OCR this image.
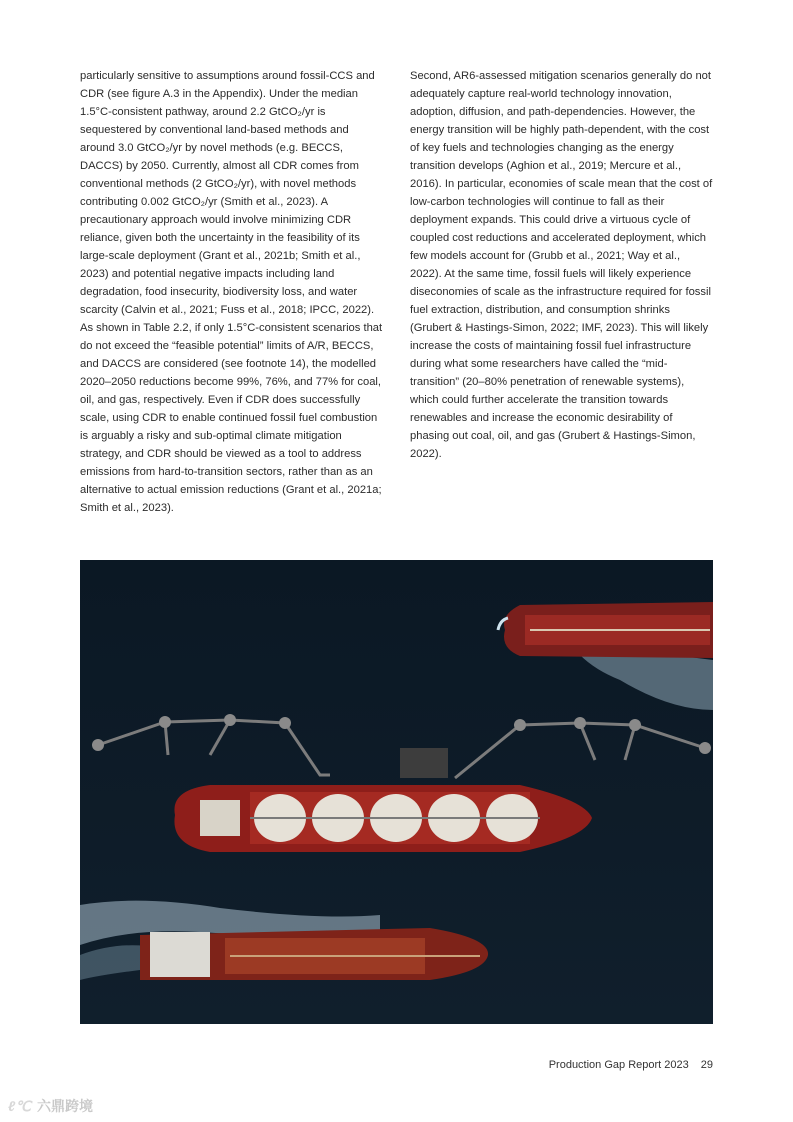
particularly sensitive to assumptions around fossil-CCS and CDR (see figure A.3 in the Appendix). Under the median 1.5°C-consistent pathway, around 2.2 GtCO₂/yr is sequestered by conventional land-based methods and around 3.0 GtCO₂/yr by novel methods (e.g. BECCS, DACCS) by 2050. Currently, almost all CDR comes from conventional methods (2 GtCO₂/yr), with novel methods contributing 0.002 GtCO₂/yr (Smith et al., 2023). A precautionary approach would involve minimizing CDR reliance, given both the uncertainty in the feasibility of its large-scale deployment (Grant et al., 2021b; Smith et al., 2023) and potential negative impacts including land degradation, food insecurity, biodiversity loss, and water scarcity (Calvin et al., 2021; Fuss et al., 2018; IPCC, 2022). As shown in Table 2.2, if only 1.5°C-consistent scenarios that do not exceed the “feasible potential” limits of A/R, BECCS, and DACCS are considered (see footnote 14), the modelled 2020–2050 reductions become 99%, 76%, and 77% for coal, oil, and gas, respectively. Even if CDR does successfully scale, using CDR to enable continued fossil fuel combustion is arguably a risky and sub-optimal climate mitigation strategy, and CDR should be viewed as a tool to address emissions from hard-to-transition sectors, rather than as an alternative to actual emission reductions (Grant et al., 2021a; Smith et al., 2023).

Second, AR6-assessed mitigation scenarios generally do not adequately capture real-world technology innovation, adoption, diffusion, and path-dependencies. However, the energy transition will be highly path-dependent, with the cost of key fuels and technologies changing as the energy transition develops (Aghion et al., 2019; Mercure et al., 2016). In particular, economies of scale mean that the cost of low-carbon technologies will continue to fall as their deployment expands. This could drive a virtuous cycle of coupled cost reductions and accelerated deployment, which few models account for (Grubb et al., 2021; Way et al., 2022). At the same time, fossil fuels will likely experience diseconomies of scale as the infrastructure required for fossil fuel extraction, distribution, and consumption shrinks (Grubert & Hastings-Simon, 2022; IMF, 2023). This will likely increase the costs of maintaining fossil fuel infrastructure during what some researchers have called the “mid-transition” (20–80% penetration of renewable systems), which could further accelerate the transition towards renewables and increase the economic desirability of phasing out coal, oil, and gas (Grubert & Hastings-Simon, 2022).

Production Gap Report 2023 29
ℓ℃ 六鼎跨境
